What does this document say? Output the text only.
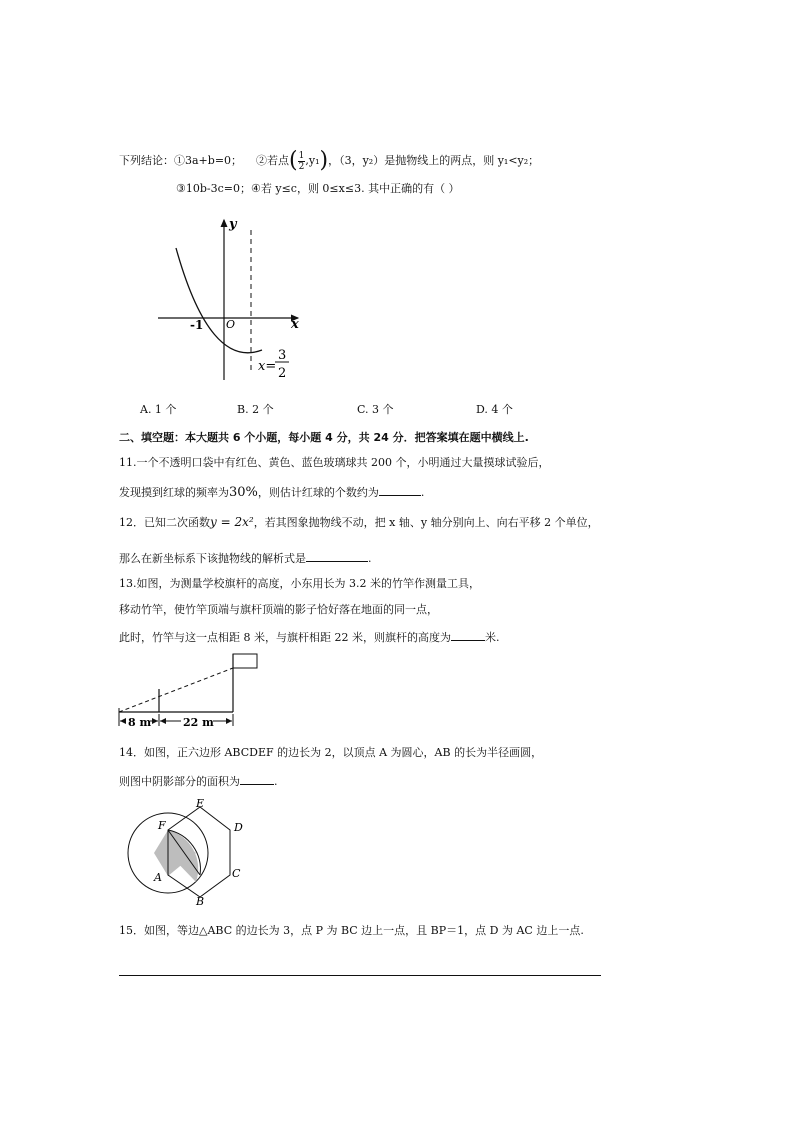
下列结论：①3a+b=0； ②若点( $\frac{1}{2} ,y_1$)，（3，y₂）是抛物线上的两点，则 y₁<y₂；
③10b-3c=0；④若 y≤c，则 0≤x≤3. 其中正确的有（ ）
y
x
O
-1
x=
3
2
A. 1 个	B. 2 个	C. 3 个	D. 4 个
二、填空题：本大题共 6 个小题，每小题 4 分，共 24 分．把答案填在题中横线上.
11.一个不透明口袋中有红色、黄色、蓝色玻璃球共 200 个，小明通过大量摸球试验后，
发现摸到红球的频率为30%，则估计红球的个数约为	.
12．已知二次函数y = 2x²，若其图象抛物线不动，把 x 轴、y 轴分别向上、向右平移 2 个单位，
那么在新坐标系下该抛物线的解析式是	.
13.如图，为测量学校旗杆的高度，小东用长为 3.2 米的竹竿作测量工具，
移动竹竿，使竹竿顶端与旗杆顶端的影子恰好落在地面的同一点，
此时，竹竿与这一点相距 8 米，与旗杆相距 22 米，则旗杆的高度为	米.
8 m	22 m
14．如图，正六边形 ABCDEF 的边长为 2，以顶点 A 为圆心，AB 的长为半径画圆，
则图中阴影部分的面积为	.
F
E
D
C
B
A
15．如图，等边△ABC 的边长为 3，点 P 为 BC 边上一点，且 BP＝1，点 D 为 AC 边上一点.
